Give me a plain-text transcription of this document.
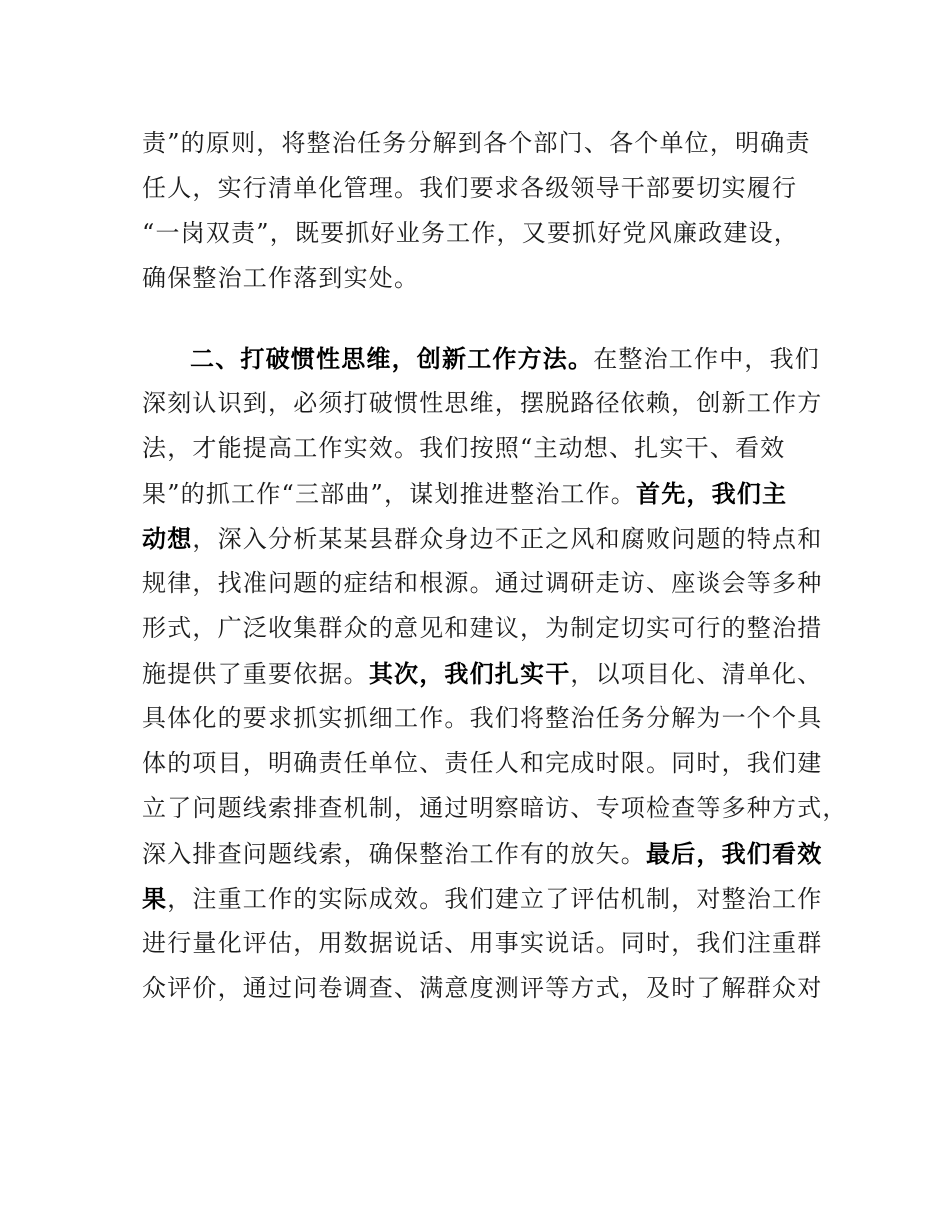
责”的原则，将整治任务分解到各个部门、各个单位，明确责
任人，实行清单化管理。我们要求各级领导干部要切实履行
“一岗双责”，既要抓好业务工作，又要抓好党风廉政建设，
确保整治工作落到实处。
二、打破惯性思维，创新工作方法。在整治工作中，我们
深刻认识到，必须打破惯性思维，摆脱路径依赖，创新工作方
法，才能提高工作实效。我们按照“主动想、扎实干、看效
果”的抓工作“三部曲”，谋划推进整治工作。首先，我们主
动想，深入分析某某县群众身边不正之风和腐败问题的特点和
规律，找准问题的症结和根源。通过调研走访、座谈会等多种
形式，广泛收集群众的意见和建议，为制定切实可行的整治措
施提供了重要依据。其次，我们扎实干，以项目化、清单化、
具体化的要求抓实抓细工作。我们将整治任务分解为一个个具
体的项目，明确责任单位、责任人和完成时限。同时，我们建
立了问题线索排查机制，通过明察暗访、专项检查等多种方式，
深入排查问题线索，确保整治工作有的放矢。最后，我们看效
果，注重工作的实际成效。我们建立了评估机制，对整治工作
进行量化评估，用数据说话、用事实说话。同时，我们注重群
众评价，通过问卷调查、满意度测评等方式，及时了解群众对
